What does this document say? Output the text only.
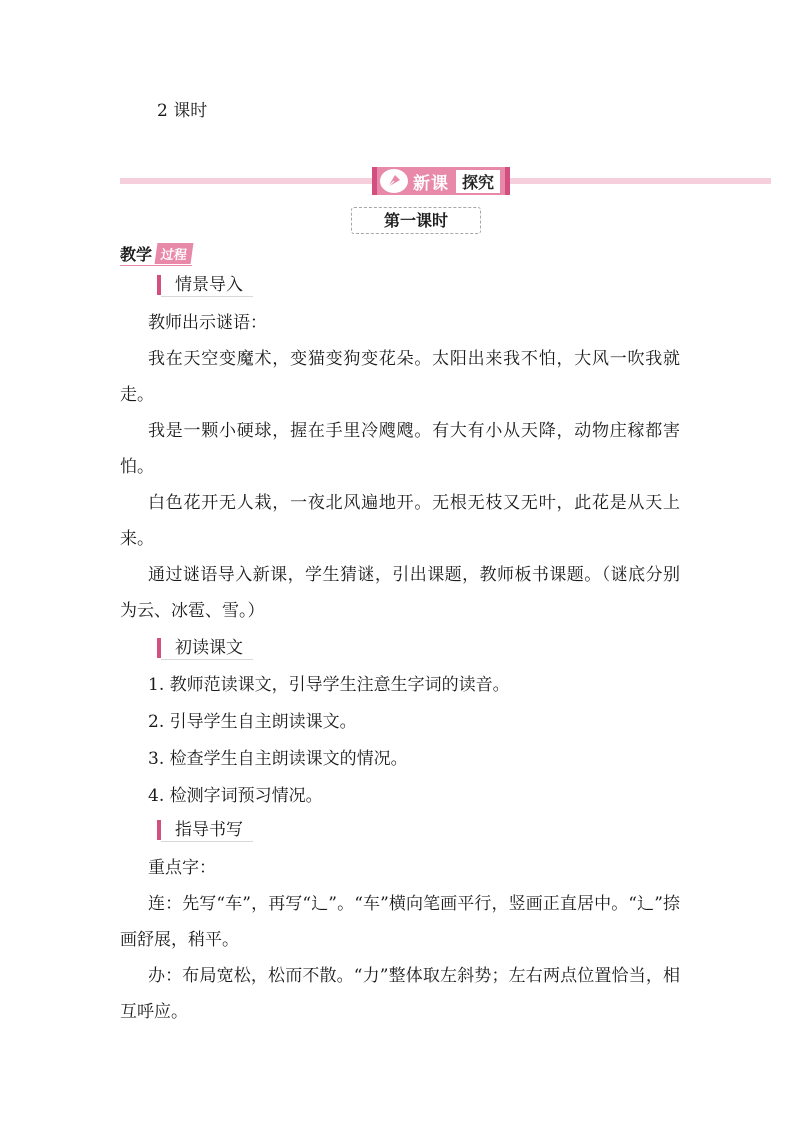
2 课时
新课 探究
第一课时
教学 过程
情景导入
教师出示谜语：
我在天空变魔术，变猫变狗变花朵。太阳出来我不怕，大风一吹我就走。
我是一颗小硬球，握在手里冷飕飕。有大有小从天降，动物庄稼都害怕。
白色花开无人栽，一夜北风遍地开。无根无枝又无叶，此花是从天上来。
通过谜语导入新课，学生猜谜，引出课题，教师板书课题。（谜底分别为云、冰雹、雪。）
初读课文
1. 教师范读课文，引导学生注意生字词的读音。
2. 引导学生自主朗读课文。
3. 检查学生自主朗读课文的情况。
4. 检测字词预习情况。
指导书写
重点字：
连：先写“车”，再写“辶”。“车”横向笔画平行，竖画正直居中。“辶”捺画舒展，稍平。
办：布局宽松，松而不散。“力”整体取左斜势；左右两点位置恰当，相互呼应。
